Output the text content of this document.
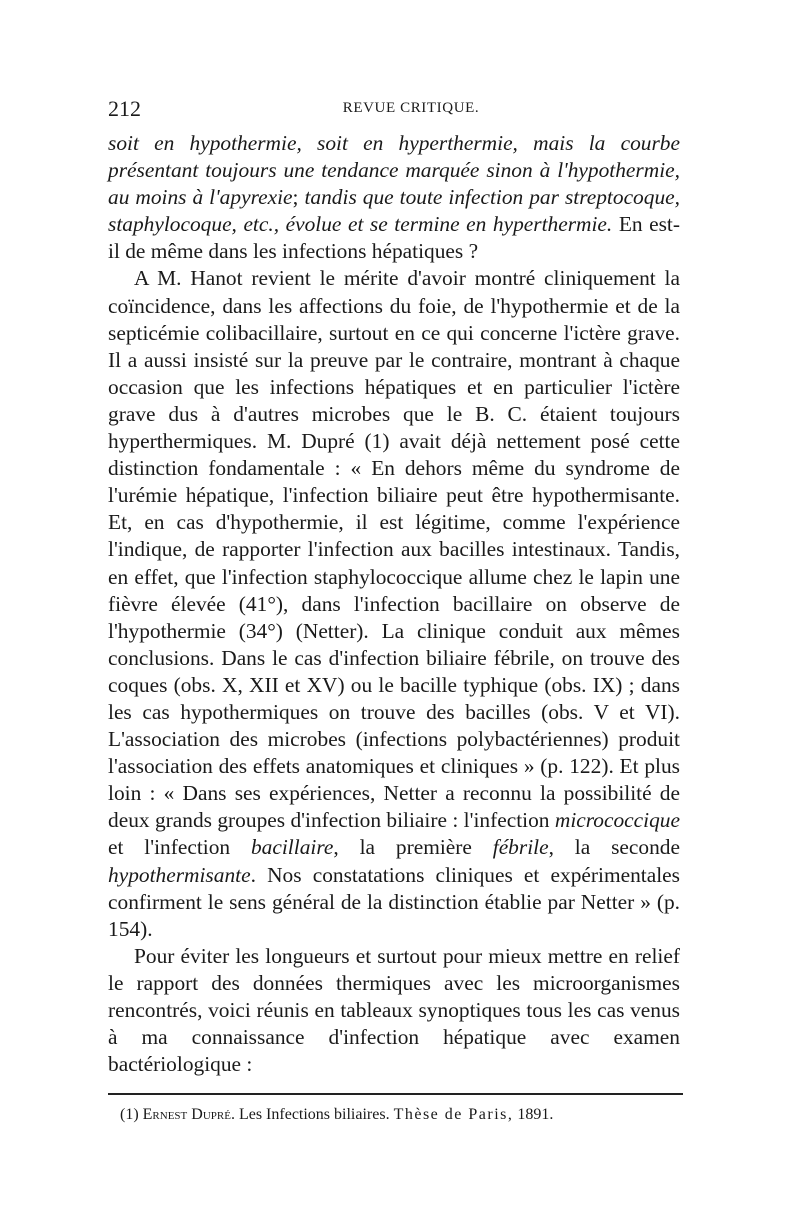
212	REVUE CRITIQUE.

soit en hypothermie, soit en hyperthermie, mais la courbe présentant toujours une tendance marquée sinon à l'hypothermie, au moins à l'apyrexie; tandis que toute infection par streptocoque, staphylocoque, etc., évolue et se termine en hyperthermie. En est-il de même dans les infections hépatiques ?

A M. Hanot revient le mérite d'avoir montré cliniquement la coïncidence, dans les affections du foie, de l'hypothermie et de la septicémie colibacillaire, surtout en ce qui concerne l'ictère grave. Il a aussi insisté sur la preuve par le contraire, montrant à chaque occasion que les infections hépatiques et en particulier l'ictère grave dus à d'autres microbes que le B. C. étaient toujours hyperthermiques. M. Dupré (1) avait déjà nettement posé cette distinction fondamentale : « En dehors même du syndrome de l'urémie hépatique, l'infection biliaire peut être hypothermisante. Et, en cas d'hypothermie, il est légitime, comme l'expérience l'indique, de rapporter l'infection aux bacilles intestinaux. Tandis, en effet, que l'infection staphylococcique allume chez le lapin une fièvre élevée (41°), dans l'infection bacillaire on observe de l'hypothermie (34°) (Netter). La clinique conduit aux mêmes conclusions. Dans le cas d'infection biliaire fébrile, on trouve des coques (obs. X, XII et XV) ou le bacille typhique (obs. IX) ; dans les cas hypothermiques on trouve des bacilles (obs. V et VI). L'association des microbes (infections polybactériennes) produit l'association des effets anatomiques et cliniques » (p. 122). Et plus loin : « Dans ses expériences, Netter a reconnu la possibilité de deux grands groupes d'infection biliaire : l'infection micrococcique et l'infection bacillaire, la première fébrile, la seconde hypothermisante. Nos constatations cliniques et expérimentales confirment le sens général de la distinction établie par Netter » (p. 154).

Pour éviter les longueurs et surtout pour mieux mettre en relief le rapport des données thermiques avec les microorganismes rencontrés, voici réunis en tableaux synoptiques tous les cas venus à ma connaissance d'infection hépatique avec examen bactériologique :

(1) Ernest Dupré. Les Infections biliaires. Thèse de Paris, 1891.
